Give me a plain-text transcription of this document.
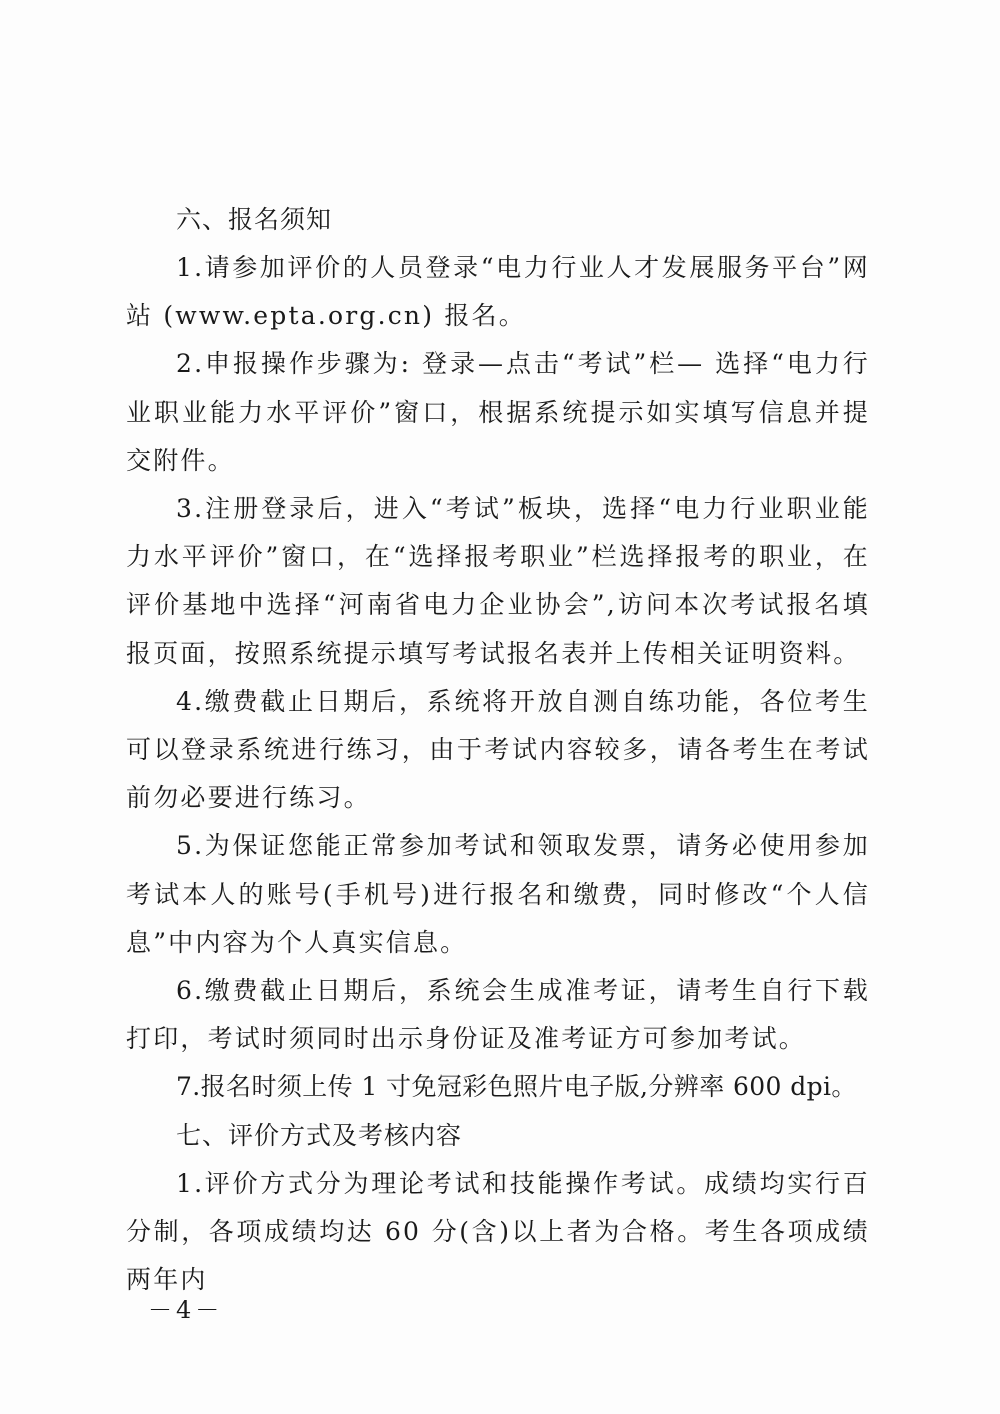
六、报名须知

1.请参加评价的人员登录“电力行业人才发展服务平台”网站 (www.epta.org.cn) 报名。

2.申报操作步骤为: 登录—点击“考试”栏— 选择“电力行业职业能力水平评价”窗口，根据系统提示如实填写信息并提交附件。

3.注册登录后，进入“考试”板块，选择“电力行业职业能力水平评价”窗口，在“选择报考职业”栏选择报考的职业，在评价基地中选择“河南省电力企业协会”,访问本次考试报名填报页面，按照系统提示填写考试报名表并上传相关证明资料。

4.缴费截止日期后，系统将开放自测自练功能，各位考生可以登录系统进行练习，由于考试内容较多，请各考生在考试前勿必要进行练习。

5.为保证您能正常参加考试和领取发票，请务必使用参加考试本人的账号(手机号)进行报名和缴费，同时修改“个人信息”中内容为个人真实信息。

6.缴费截止日期后，系统会生成准考证，请考生自行下载打印，考试时须同时出示身份证及准考证方可参加考试。

7.报名时须上传 1 寸免冠彩色照片电子版,分辨率 600 dpi。

七、评价方式及考核内容

1.评价方式分为理论考试和技能操作考试。成绩均实行百分制，各项成绩均达 60 分(含)以上者为合格。考生各项成绩两年内

－4－
